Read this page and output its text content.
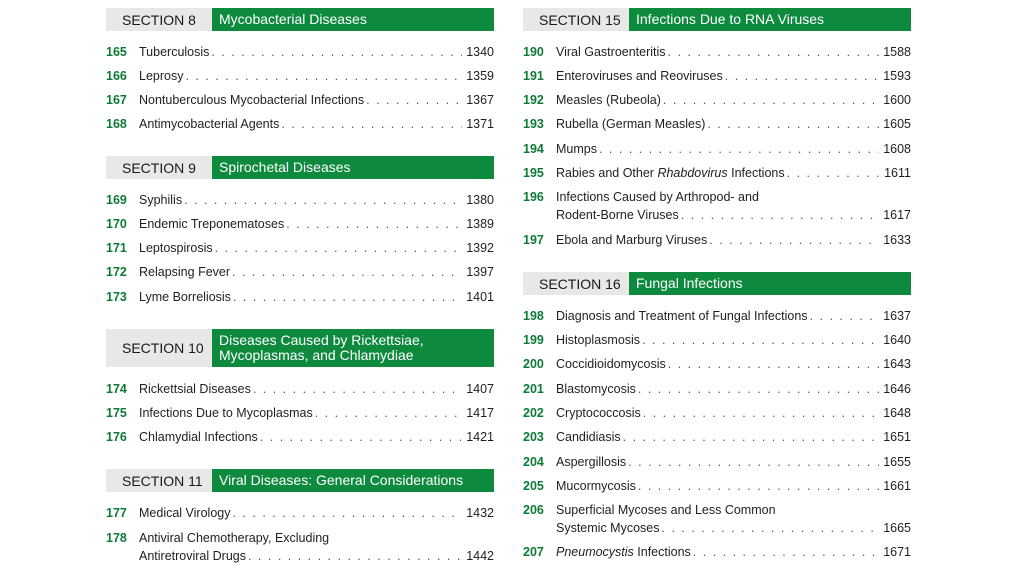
SECTION 8	Mycobacterial Diseases
165 Tuberculosis . . .	1340
166 Leprosy . . .	1359
167 Nontuberculous Mycobacterial Infections . . .	1367
168 Antimycobacterial Agents . . .	1371
SECTION 9	Spirochetal Diseases
169 Syphilis . . .	1380
170 Endemic Treponematoses . . .	1389
171 Leptospirosis . . .	1392
172 Relapsing Fever . . .	1397
173 Lyme Borreliosis . . .	1401
SECTION 10	Diseases Caused by Rickettsiae,
Mycoplasmas, and Chlamydiae
174 Rickettsial Diseases . . .	1407
175 Infections Due to Mycoplasmas . . .	1417
176 Chlamydial Infections . . .	1421
SECTION 11	Viral Diseases: General Considerations
177 Medical Virology . . .	1432
178 Antiviral Chemotherapy, Excluding
Antiretroviral Drugs . . .	1442
SECTION 15	Infections Due to RNA Viruses
190 Viral Gastroenteritis . . .	1588
191 Enteroviruses and Reoviruses . . .	1593
192 Measles (Rubeola) . . .	1600
193 Rubella (German Measles) . . .	1605
194 Mumps . . .	1608
195 Rabies and Other Rhabdovirus Infections . . .	1611
196 Infections Caused by Arthropod- and
Rodent-Borne Viruses . . .	1617
197 Ebola and Marburg Viruses . . .	1633
SECTION 16	Fungal Infections
198 Diagnosis and Treatment of Fungal Infections . . .	1637
199 Histoplasmosis . . .	1640
200 Coccidioidomycosis . . .	1643
201 Blastomycosis . . .	1646
202 Cryptococcosis . . .	1648
203 Candidiasis . . .	1651
204 Aspergillosis . . .	1655
205 Mucormycosis . . .	1661
206 Superficial Mycoses and Less Common
Systemic Mycoses . . .	1665
207 Pneumocystis Infections . . .	1671
